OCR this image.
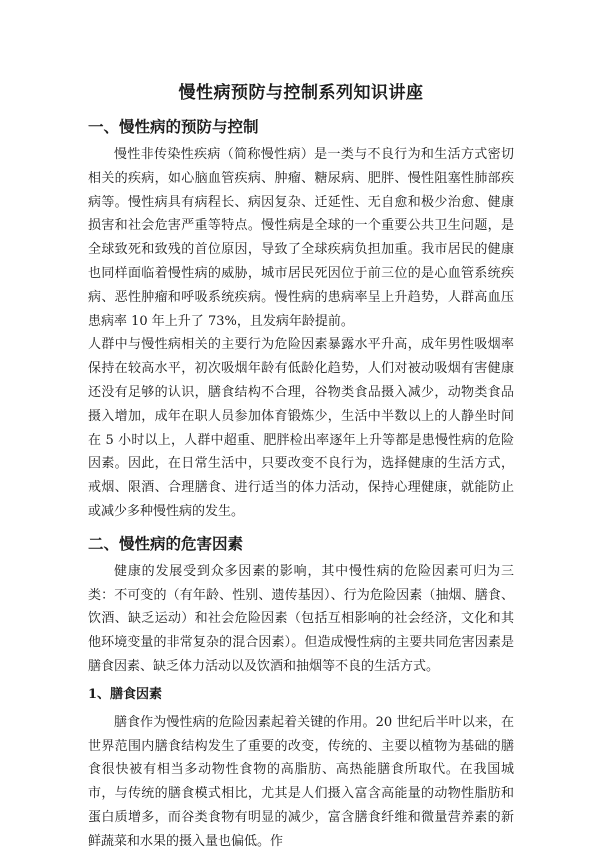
慢性病预防与控制系列知识讲座
一、慢性病的预防与控制

慢性非传染性疾病（简称慢性病）是一类与不良行为和生活方式密切相关的疾病，如心脑血管疾病、肿瘤、糖尿病、肥胖、慢性阻塞性肺部疾病等。慢性病具有病程长、病因复杂、迁延性、无自愈和极少治愈、健康损害和社会危害严重等特点。慢性病是全球的一个重要公共卫生问题，是全球致死和致残的首位原因，导致了全球疾病负担加重。我市居民的健康也同样面临着慢性病的威胁，城市居民死因位于前三位的是心血管系统疾病、恶性肿瘤和呼吸系统疾病。慢性病的患病率呈上升趋势，人群高血压患病率 10 年上升了 73%，且发病年龄提前。

人群中与慢性病相关的主要行为危险因素暴露水平升高，成年男性吸烟率保持在较高水平，初次吸烟年龄有低龄化趋势，人们对被动吸烟有害健康还没有足够的认识，膳食结构不合理，谷物类食品摄入减少，动物类食品摄入增加，成年在职人员参加体育锻炼少，生活中半数以上的人静坐时间在 5 小时以上，人群中超重、肥胖检出率逐年上升等都是患慢性病的危险因素。因此，在日常生活中，只要改变不良行为，选择健康的生活方式，戒烟、限酒、合理膳食、进行适当的体力活动，保持心理健康，就能防止或减少多种慢性病的发生。

二、慢性病的危害因素

健康的发展受到众多因素的影响，其中慢性病的危险因素可归为三类：不可变的（有年龄、性别、遗传基因）、行为危险因素（抽烟、膳食、饮酒、缺乏运动）和社会危险因素（包括互相影响的社会经济，文化和其他环境变量的非常复杂的混合因素）。但造成慢性病的主要共同危害因素是膳食因素、缺乏体力活动以及饮酒和抽烟等不良的生活方式。

1、膳食因素

膳食作为慢性病的危险因素起着关键的作用。20 世纪后半叶以来，在世界范围内膳食结构发生了重要的改变，传统的、主要以植物为基础的膳食很快被有相当多动物性食物的高脂肪、高热能膳食所取代。在我国城市，与传统的膳食模式相比，尤其是人们摄入富含高能量的动物性脂肪和蛋白质增多，而谷类食物有明显的减少，富含膳食纤维和微量营养素的新鲜蔬菜和水果的摄入量也偏低。作
